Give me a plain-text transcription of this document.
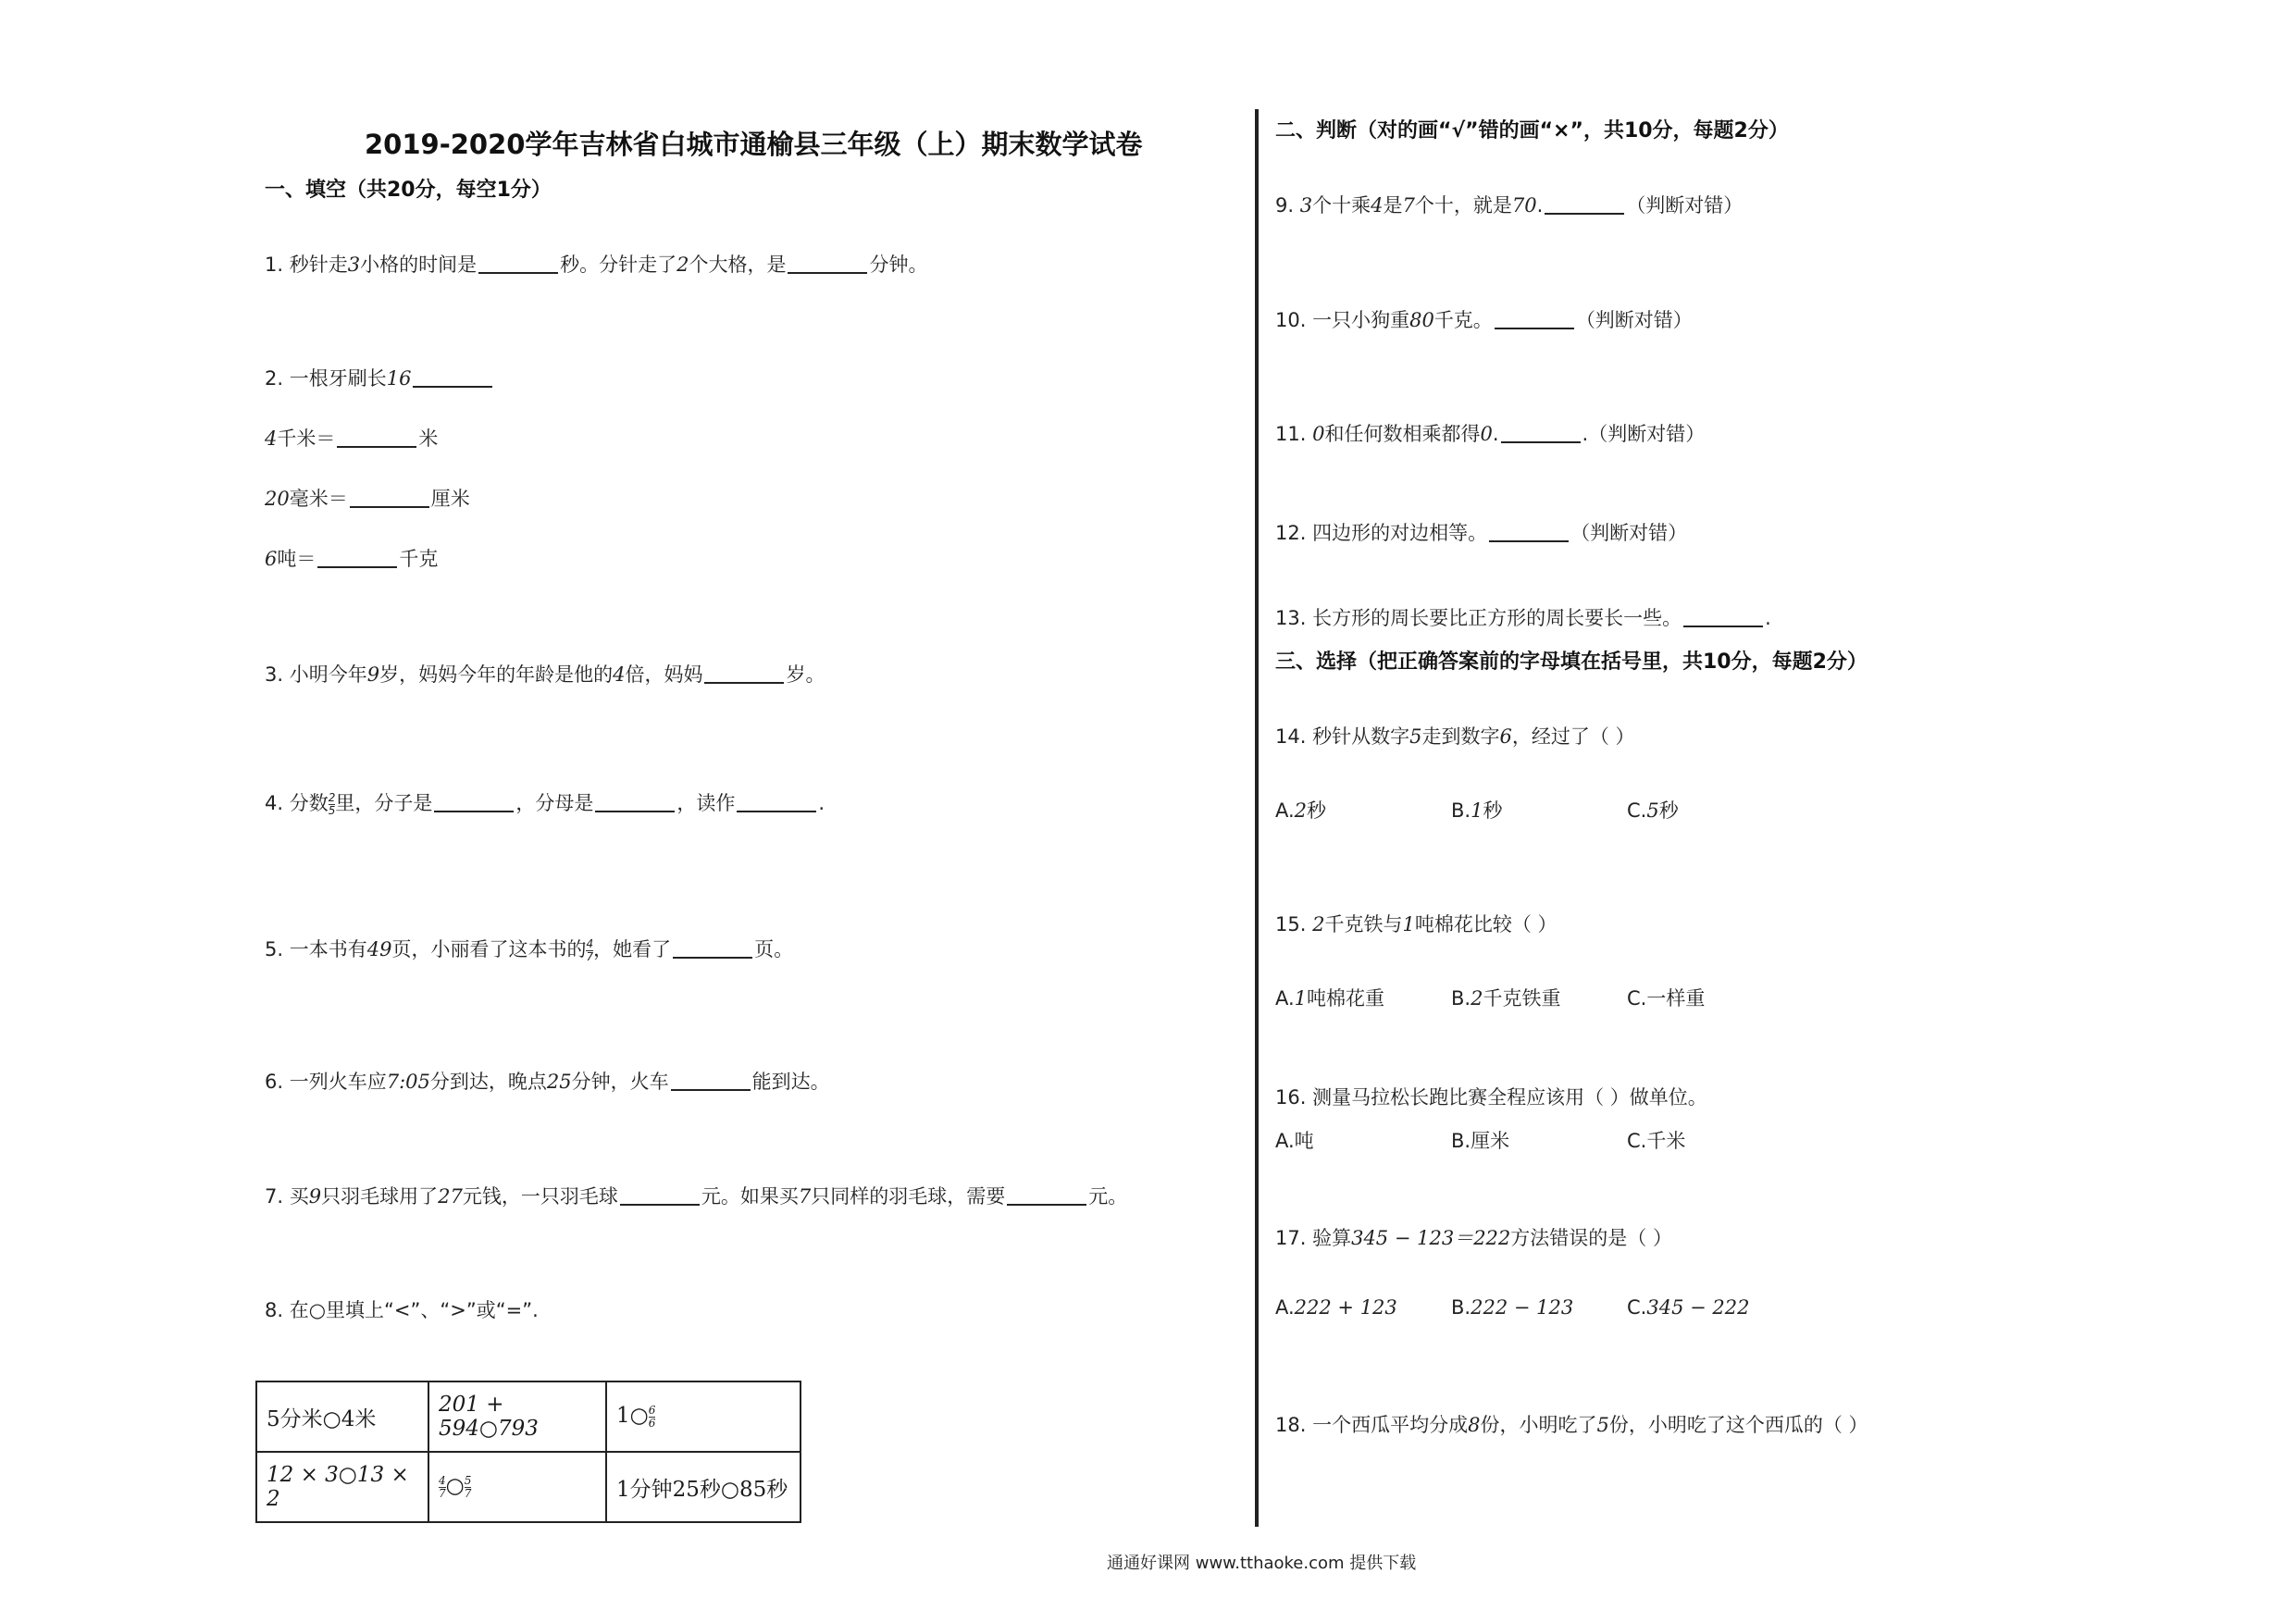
2019-2020学年吉林省白城市通榆县三年级（上）期末数学试卷
一、填空（共20分，每空1分）
1. 秒针走3小格的时间是	秒。分针走了2个大格，是	分钟。
2. 一根牙刷长16
4千米＝	米
20毫米＝	厘米
6吨＝	千克
3. 小明今年9岁，妈妈今年的年龄是他的4倍，妈妈	岁。
4. 分数 $\frac{2}{5}$ 里，分子是	，分母是	，读作	.
5. 一本书有49页，小丽看了这本书的 $\frac{4}{7}$ ，她看了	页。
6. 一列火车应7:05分到达，晚点25分钟，火车	能到达。
7. 买9只羽毛球用了27元钱，一只羽毛球	元。如果买7只同样的羽毛球，需要	元。
8. 在○里填上“<”、“>”或“=”.
5分米○4米	201 + 594○793	1○ $\frac{6}{6}$

12 × 3○13 × 2	$\frac{4}{7}$ ○ $\frac{5}{7}$	1分钟25秒○85秒
二、判断（对的画“√”错的画“×”，共10分，每题2分）
9. 3个十乘4是7个十，就是70.	（判断对错）
10. 一只小狗重80千克。	（判断对错）
11. 0和任何数相乘都得0.	.（判断对错）
12. 四边形的对边相等。	（判断对错）
13. 长方形的周长要比正方形的周长要长一些。	.
三、选择（把正确答案前的字母填在括号里，共10分，每题2分）
14. 秒针从数字5走到数字6，经过了（ ）
A.2秒	B.1秒	C.5秒
15. 2千克铁与1吨棉花比较（ ）
A.1吨棉花重	B.2千克铁重	C.一样重
16. 测量马拉松长跑比赛全程应该用（ ）做单位。
A.吨	B.厘米	C.千米
17. 验算345 − 123＝222方法错误的是（ ）
A.222 + 123	B.222 − 123	C.345 − 222
18. 一个西瓜平均分成8份，小明吃了5份，小明吃了这个西瓜的（ ）
通通好课网 www.tthaoke.com 提供下载
